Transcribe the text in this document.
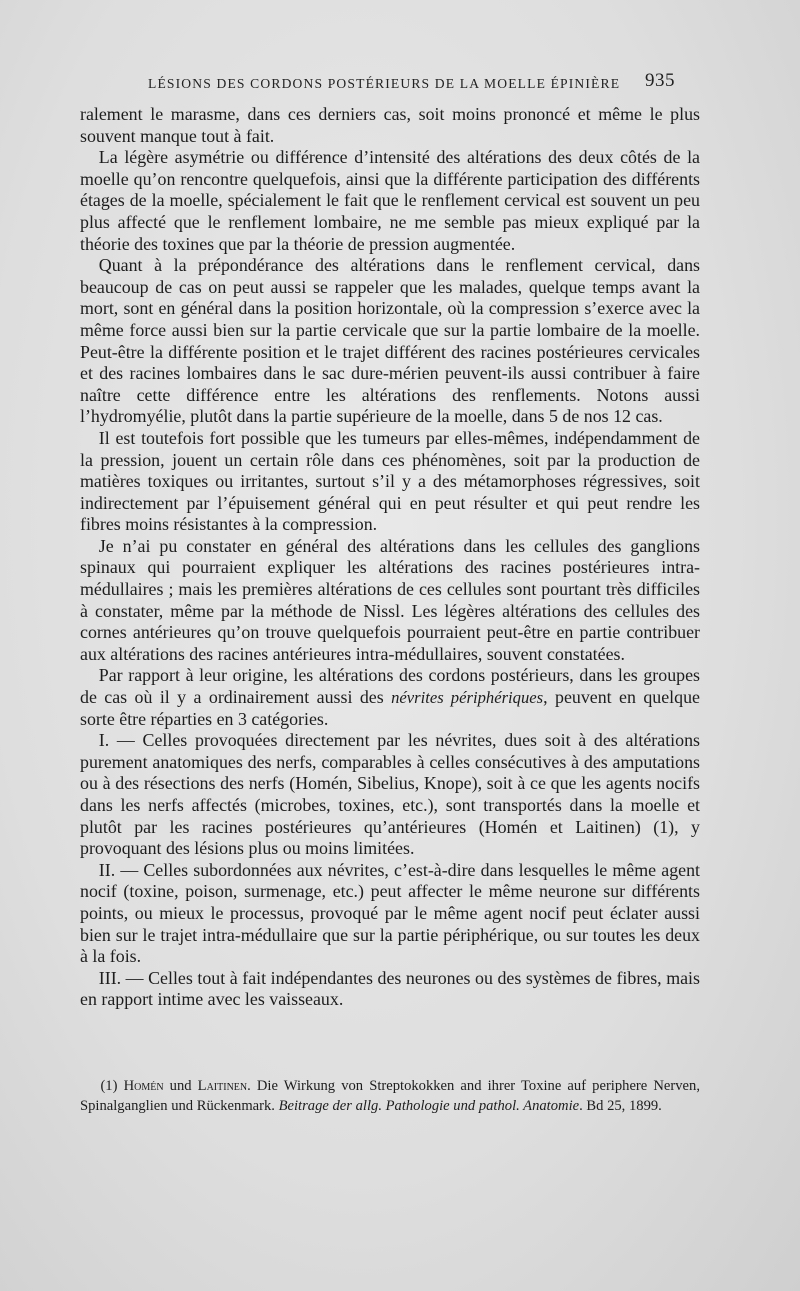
LÉSIONS DES CORDONS POSTÉRIEURS DE LA MOELLE ÉPINIÈRE 935

ralement le marasme, dans ces derniers cas, soit moins prononcé et même le plus souvent manque tout à fait.

La légère asymétrie ou différence d’intensité des altérations des deux côtés de la moelle qu’on rencontre quelquefois, ainsi que la différente participation des différents étages de la moelle, spécialement le fait que le renflement cervical est souvent un peu plus affecté que le renflement lombaire, ne me semble pas mieux expliqué par la théorie des toxines que par la théorie de pression augmentée.

Quant à la prépondérance des altérations dans le renflement cervical, dans beaucoup de cas on peut aussi se rappeler que les malades, quelque temps avant la mort, sont en général dans la position horizontale, où la compression s’exerce avec la même force aussi bien sur la partie cervicale que sur la partie lombaire de la moelle. Peut-être la différente position et le trajet différent des racines postérieures cervicales et des racines lombaires dans le sac dure-mérien peuvent-ils aussi contribuer à faire naître cette différence entre les altérations des renflements. Notons aussi l’hydromyélie, plutôt dans la partie supérieure de la moelle, dans 5 de nos 12 cas.

Il est toutefois fort possible que les tumeurs par elles-mêmes, indépendamment de la pression, jouent un certain rôle dans ces phénomènes, soit par la production de matières toxiques ou irritantes, surtout s’il y a des métamorphoses régressives, soit indirectement par l’épuisement général qui en peut résulter et qui peut rendre les fibres moins résistantes à la compression.

Je n’ai pu constater en général des altérations dans les cellules des ganglions spinaux qui pourraient expliquer les altérations des racines postérieures intra-médullaires ; mais les premières altérations de ces cellules sont pourtant très difficiles à constater, même par la méthode de Nissl. Les légères altérations des cellules des cornes antérieures qu’on trouve quelquefois pourraient peut-être en partie contribuer aux altérations des racines antérieures intra-médullaires, souvent constatées.

Par rapport à leur origine, les altérations des cordons postérieurs, dans les groupes de cas où il y a ordinairement aussi des névrites périphériques, peuvent en quelque sorte être réparties en 3 catégories.

I. — Celles provoquées directement par les névrites, dues soit à des altérations purement anatomiques des nerfs, comparables à celles consécutives à des amputations ou à des résections des nerfs (Homén, Sibelius, Knope), soit à ce que les agents nocifs dans les nerfs affectés (microbes, toxines, etc.), sont transportés dans la moelle et plutôt par les racines postérieures qu’antérieures (Homén et Laitinen) (1), y provoquant des lésions plus ou moins limitées.

II. — Celles subordonnées aux névrites, c’est-à-dire dans lesquelles le même agent nocif (toxine, poison, surmenage, etc.) peut affecter le même neurone sur différents points, ou mieux le processus, provoqué par le même agent nocif peut éclater aussi bien sur le trajet intra-médullaire que sur la partie périphérique, ou sur toutes les deux à la fois.

III. — Celles tout à fait indépendantes des neurones ou des systèmes de fibres, mais en rapport intime avec les vaisseaux.

(1) Homén und Laitinen. Die Wirkung von Streptokokken and ihrer Toxine auf periphere Nerven, Spinalganglien und Rückenmark. Beitrage der allg. Pathologie und pathol. Anatomie. Bd 25, 1899.
